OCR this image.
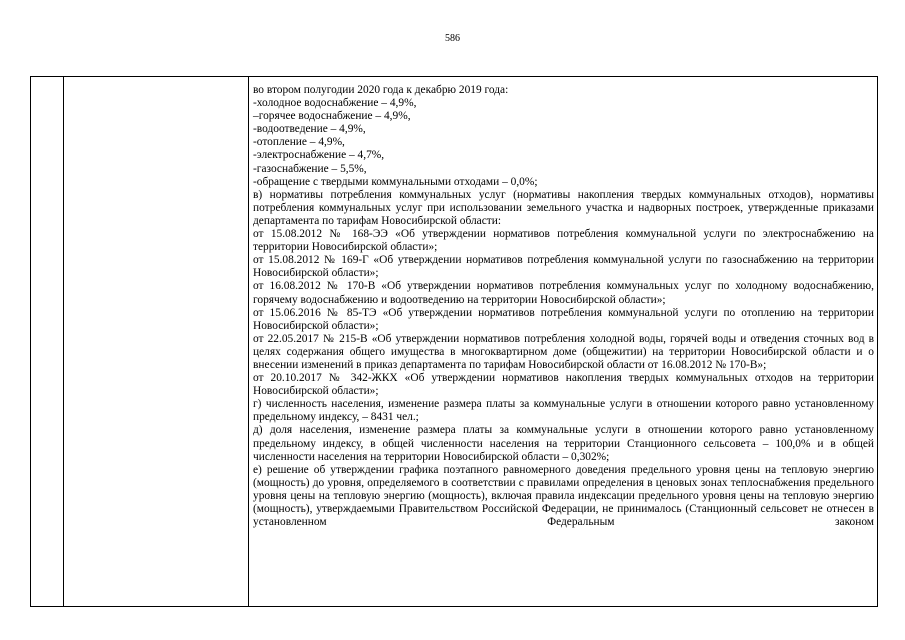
586

во втором полугодии 2020 года к декабрю 2019 года:

-холодное водоснабжение – 4,9%,

–горячее водоснабжение – 4,9%,

-водоотведение – 4,9%,

-отопление – 4,9%,

-электроснабжение – 4,7%,

-газоснабжение – 5,5%,

-обращение с твердыми коммунальными отходами – 0,0%;

в) нормативы потребления коммунальных услуг (нормативы накопления твердых коммунальных отходов), нормативы потребления коммунальных услуг при использовании земельного участка и надворных построек, утвержденные приказами департамента по тарифам Новосибирской области:

от 15.08.2012 № 168-ЭЭ «Об утверждении нормативов потребления коммунальной услуги по электроснабжению на территории Новосибирской области»;

от 15.08.2012 № 169-Г «Об утверждении нормативов потребления коммунальной услуги по газоснабжению на территории Новосибирской области»;

от 16.08.2012 № 170-В «Об утверждении нормативов потребления коммунальных услуг по холодному водоснабжению, горячему водоснабжению и водоотведению на территории Новосибирской области»;

от 15.06.2016 № 85-ТЭ «Об утверждении нормативов потребления коммунальной услуги по отоплению на территории Новосибирской области»;

от 22.05.2017 № 215-В «Об утверждении нормативов потребления холодной воды, горячей воды и отведения сточных вод в целях содержания общего имущества в многоквартирном доме (общежитии) на территории Новосибирской области и о внесении изменений в приказ департамента по тарифам Новосибирской области от 16.08.2012 № 170-В»;

от 20.10.2017 № 342-ЖКХ «Об утверждении нормативов накопления твердых коммунальных отходов на территории Новосибирской области»;

г) численность населения, изменение размера платы за коммунальные услуги в отношении которого равно установленному предельному индексу, – 8431 чел.;

д) доля населения, изменение размера платы за коммунальные услуги в отношении которого равно установленному предельному индексу, в общей численности населения на территории Станционного сельсовета – 100,0% и в общей численности населения на территории Новосибирской области – 0,302%;

е) решение об утверждении графика поэтапного равномерного доведения предельного уровня цены на тепловую энергию (мощность) до уровня, определяемого в соответствии с правилами определения в ценовых зонах теплоснабжения предельного уровня цены на тепловую энергию (мощность), включая правила индексации предельного уровня цены на тепловую энергию (мощность), утверждаемыми Правительством Российской Федерации, не принималось (Станционный сельсовет не отнесен в установленном Федеральным законом
